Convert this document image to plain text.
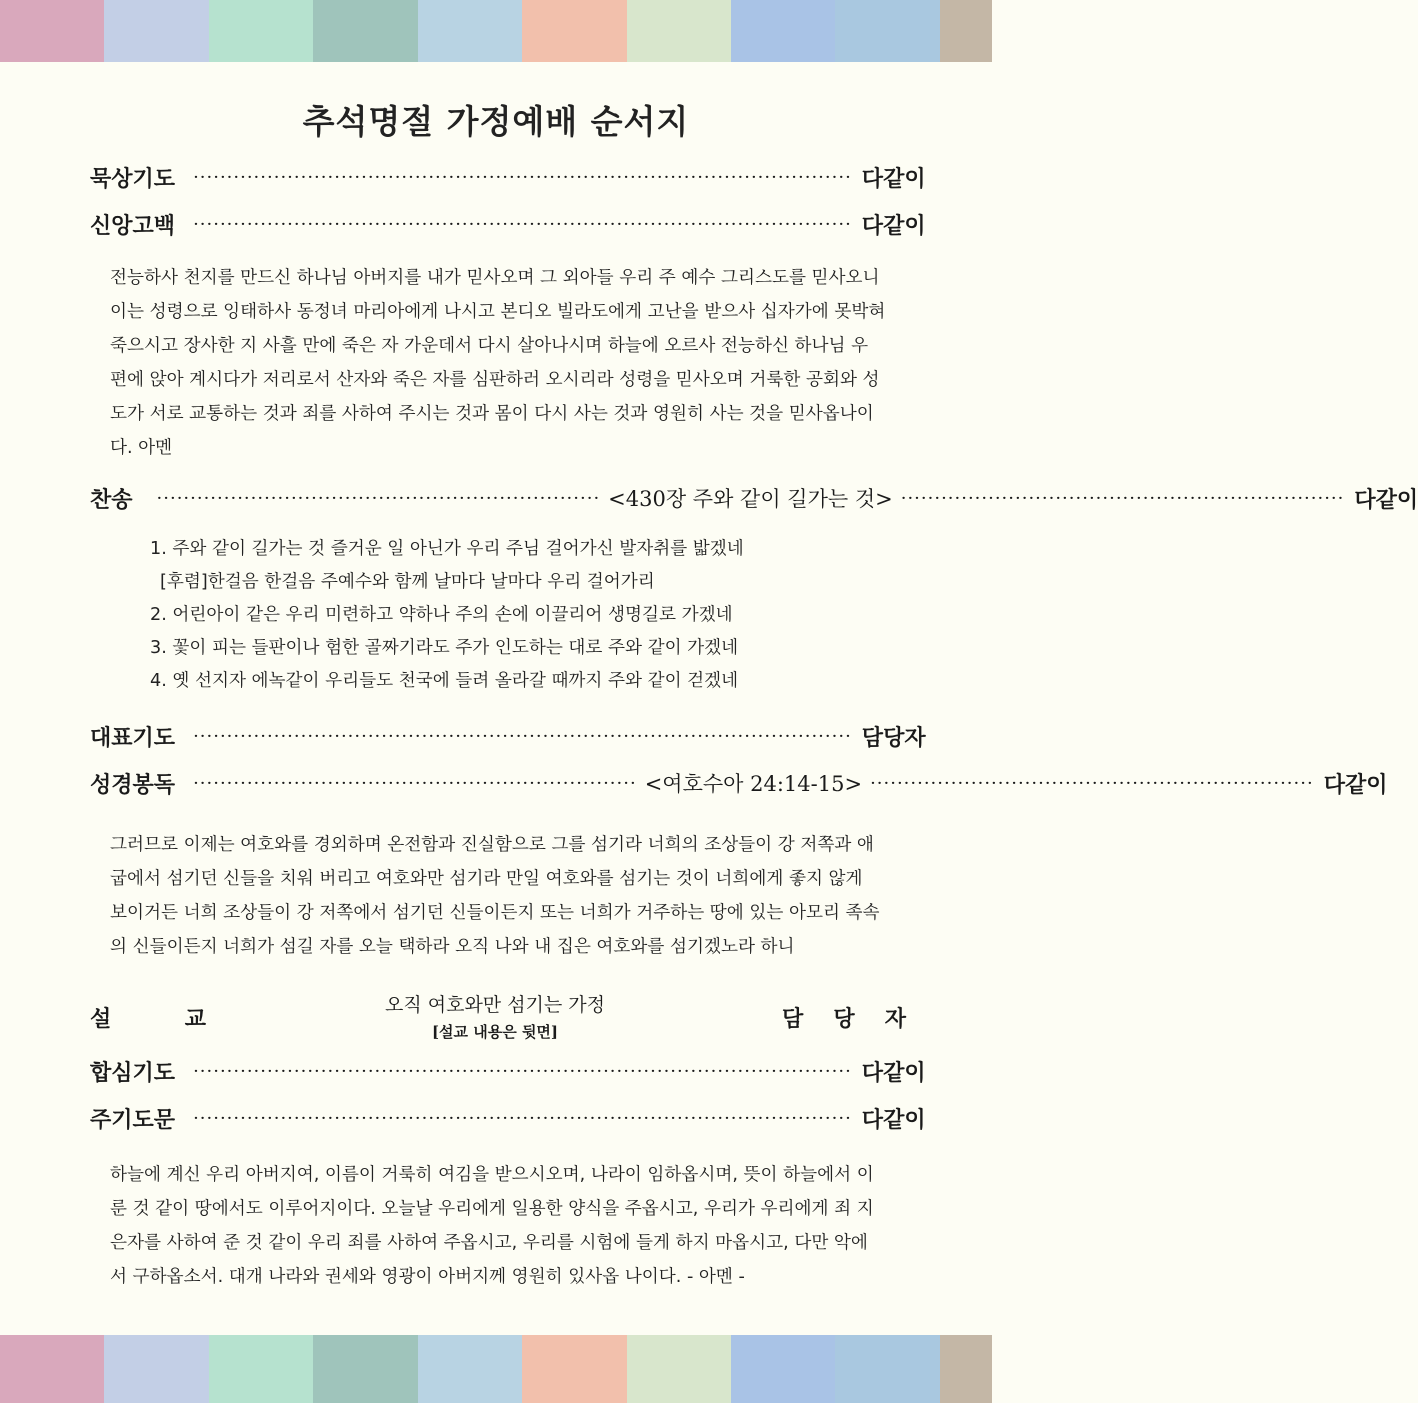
추석명절 가정예배 순서지
묵 상 기 도 ·································································································· 다 같 이
신 앙 고 백 ·································································································· 다 같 이
전능하사 천지를 만드신 하나님 아버지를 내가 믿사오며 그 외아들 우리 주 예수 그리스도를 믿사오니
이는 성령으로 잉태하사 동정녀 마리아에게 나시고 본디오 빌라도에게 고난을 받으사 십자가에 못박혀
죽으시고 장사한 지 사흘 만에 죽은 자 가운데서 다시 살아나시며 하늘에 오르사 전능하신 하나님 우
편에 앉아 계시다가 저리로서 산자와 죽은 자를 심판하러 오시리라 성령을 믿사오며 거룩한 공회와 성
도가 서로 교통하는 것과 죄를 사하여 주시는 것과 몸이 다시 사는 것과 영원히 사는 것을 믿사옵나이
다. 아멘
찬 송 ·································································· <430장 주와 같이 길가는 것> ·································································· 다 같 이
1. 주와 같이 길가는 것 즐거운 일 아닌가 우리 주님 걸어가신 발자취를 밟겠네
[후렴]한걸음 한걸음 주예수와 함께 날마다 날마다 우리 걸어가리
2. 어린아이 같은 우리 미련하고 약하나 주의 손에 이끌리어 생명길로 가겠네
3. 꽃이 피는 들판이나 험한 골짜기라도 주가 인도하는 대로 주와 같이 가겠네
4. 옛 선지자 에녹같이 우리들도 천국에 들려 올라갈 때까지 주와 같이 걷겠네
대 표 기 도 ·································································································· 담 당 자
성 경 봉 독 ·································································· <여호수아 24:14-15> ·································································· 다 같 이
그러므로 이제는 여호와를 경외하며 온전함과 진실함으로 그를 섬기라 너희의 조상들이 강 저쪽과 애
굽에서 섬기던 신들을 치워 버리고 여호와만 섬기라 만일 여호와를 섬기는 것이 너희에게 좋지 않게
보이거든 너희 조상들이 강 저쪽에서 섬기던 신들이든지 또는 너희가 거주하는 땅에 있는 아모리 족속
의 신들이든지 너희가 섬길 자를 오늘 택하라 오직 나와 내 집은 여호와를 섬기겠노라 하니
설	교	담 당 자
오직 여호와만 섬기는 가정
[설교 내용은 뒷면]
합 심 기 도 ·································································································· 다 같 이
주 기 도 문 ·································································································· 다 같 이
하늘에 계신 우리 아버지여, 이름이 거룩히 여김을 받으시오며, 나라이 임하옵시며, 뜻이 하늘에서 이
룬 것 같이 땅에서도 이루어지이다. 오늘날 우리에게 일용한 양식을 주옵시고, 우리가 우리에게 죄 지
은자를 사하여 준 것 같이 우리 죄를 사하여 주옵시고, 우리를 시험에 들게 하지 마옵시고, 다만 악에
서 구하옵소서. 대개 나라와 권세와 영광이 아버지께 영원히 있사옵 나이다. - 아멘 -
